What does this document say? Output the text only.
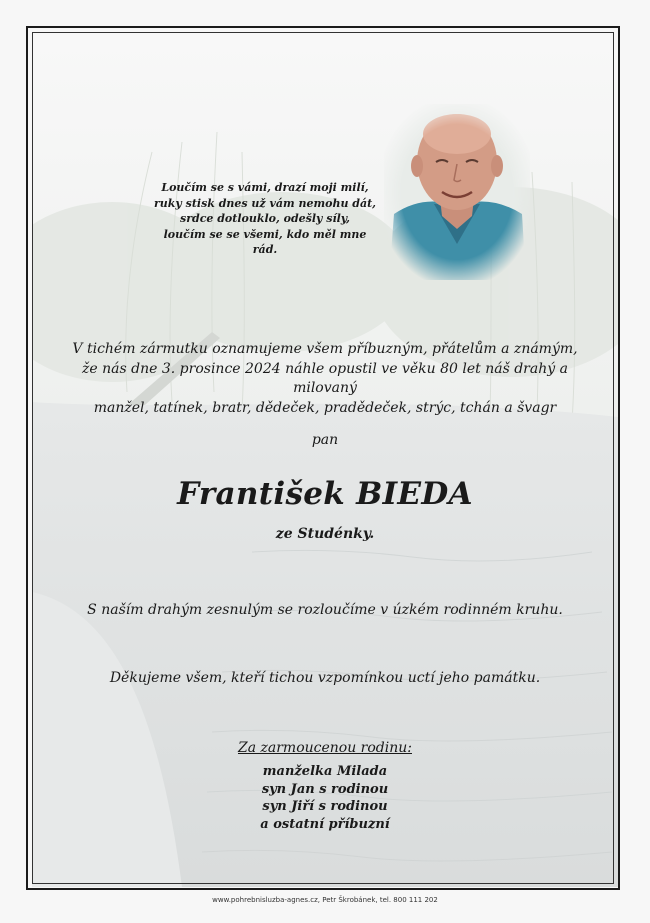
Loučím se s vámi, drazí moji milí,
ruky stisk dnes už vám nemohu dát,
srdce dotlouklo, odešly síly,
loučím se se všemi, kdo měl mne rád.
V tichém zármutku oznamujeme všem příbuzným, přátelům a známým,
že nás dne 3. prosince 2024 náhle opustil ve věku 80 let náš drahý a milovaný
manžel, tatínek, bratr, dědeček, pradědeček, strýc, tchán a švagr
pan
František BIEDA
ze Studénky.
S naším drahým zesnulým se rozloučíme v úzkém rodinném kruhu.
Děkujeme všem, kteří tichou vzpomínkou uctí jeho památku.
Za zarmoucenou rodinu:
manželka Milada
syn Jan s rodinou
syn Jiří s rodinou
a ostatní příbuzní
www.pohrebnisluzba-agnes.cz, Petr Škrobánek, tel. 800 111 202
